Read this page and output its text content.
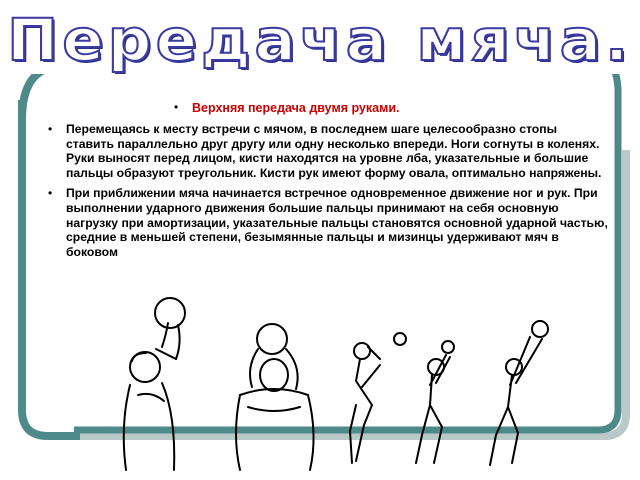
Передача мяча.
•	Верхняя передача двумя руками.
•	Перемещаясь к месту встречи с мячом, в последнем шаге целесообразно стопы ставить параллельно друг другу или одну несколько впереди. Ноги согнуты в коленях. Руки выносят перед лицом, кисти находятся на уровне лба, указательные и большие пальцы образуют треугольник. Кисти рук имеют форму овала, оптимально напряжены.
•	При приближении мяча начинается встречное одновременное движение ног и рук. При выполнении ударного движения большие пальцы принимают на себя основную нагрузку при амортизации, указательные пальцы становятся основной ударной частью, средние в меньшей степени, безымянные пальцы и мизинцы удерживают мяч в боковом
